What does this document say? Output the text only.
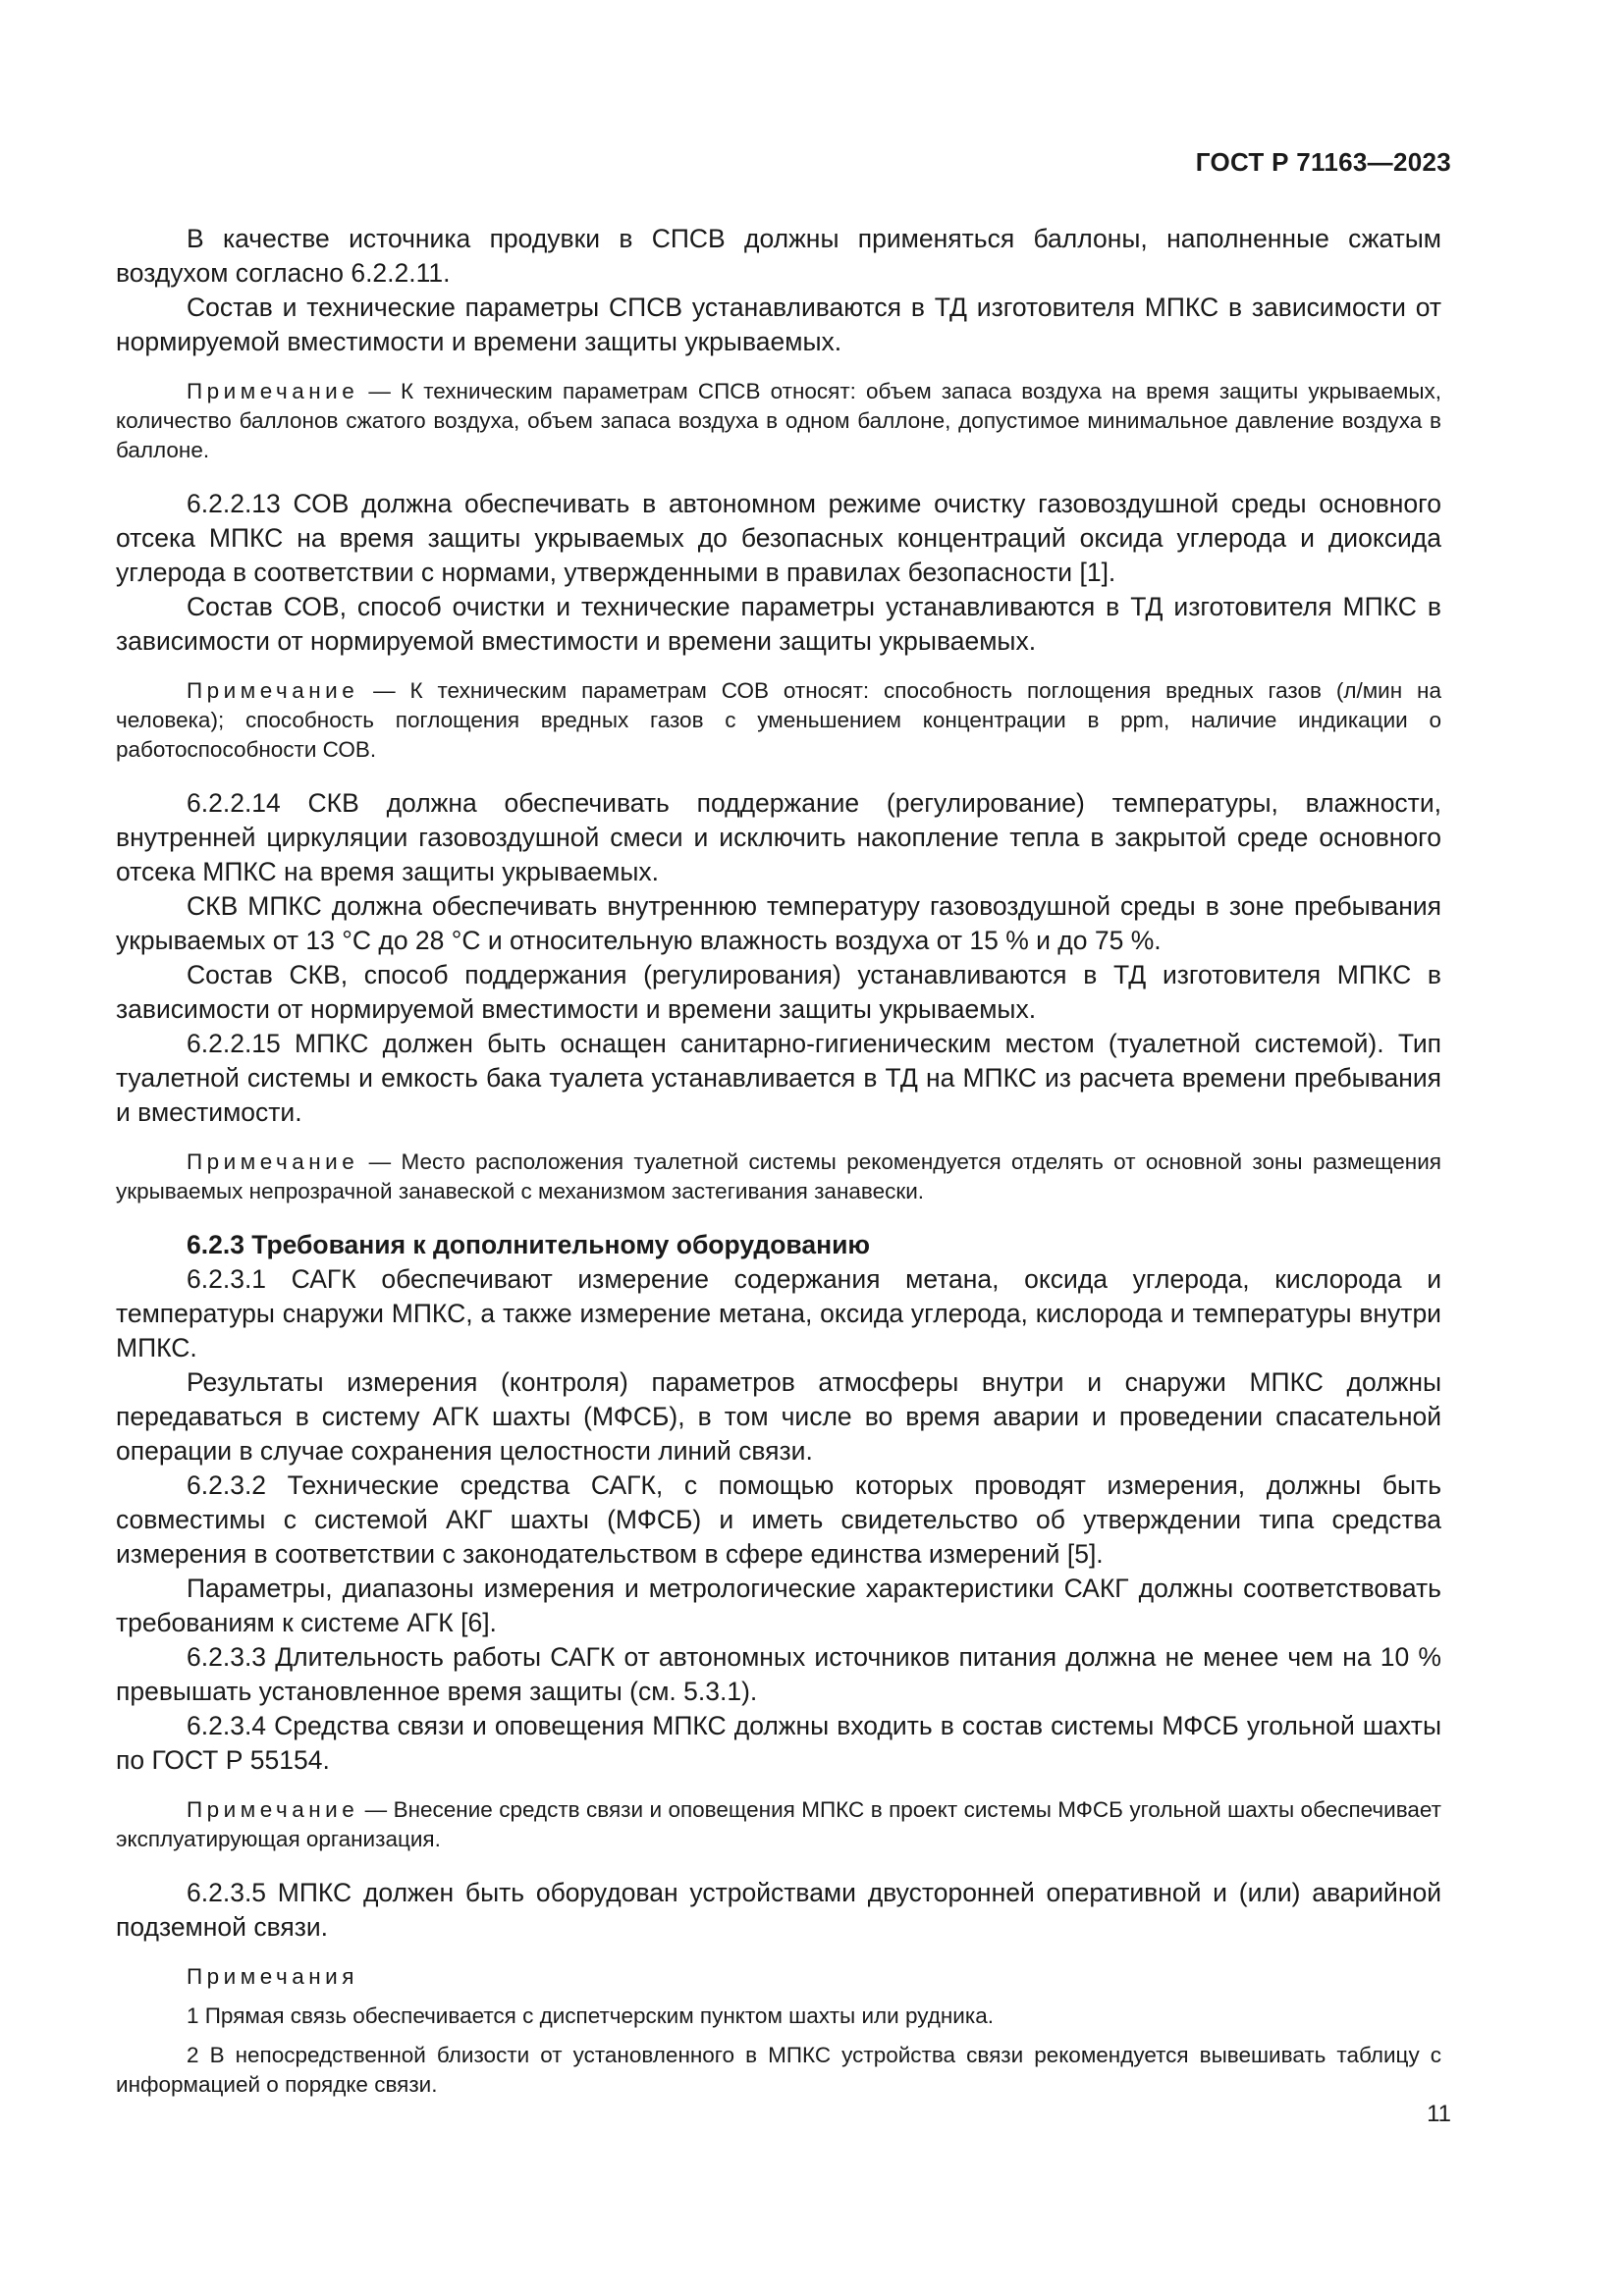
ГОСТ Р 71163—2023

В качестве источника продувки в СПСВ должны применяться баллоны, наполненные сжатым воздухом согласно 6.2.2.11.

Состав и технические параметры СПСВ устанавливаются в ТД изготовителя МПКС в зависимости от нормируемой вместимости и времени защиты укрываемых.

Примечание — К техническим параметрам СПСВ относят: объем запаса воздуха на время защиты укрываемых, количество баллонов сжатого воздуха, объем запаса воздуха в одном баллоне, допустимое минимальное давление воздуха в баллоне.

6.2.2.13 СОВ должна обеспечивать в автономном режиме очистку газовоздушной среды основного отсека МПКС на время защиты укрываемых до безопасных концентраций оксида углерода и диоксида углерода в соответствии с нормами, утвержденными в правилах безопасности [1].

Состав СОВ, способ очистки и технические параметры устанавливаются в ТД изготовителя МПКС в зависимости от нормируемой вместимости и времени защиты укрываемых.

Примечание — К техническим параметрам СОВ относят: способность поглощения вредных газов (л/мин на человека); способность поглощения вредных газов с уменьшением концентрации в ppm, наличие индикации о работоспособности СОВ.

6.2.2.14 СКВ должна обеспечивать поддержание (регулирование) температуры, влажности, внутренней циркуляции газовоздушной смеси и исключить накопление тепла в закрытой среде основного отсека МПКС на время защиты укрываемых.

СКВ МПКС должна обеспечивать внутреннюю температуру газовоздушной среды в зоне пребывания укрываемых от 13 °С до 28 °С и относительную влажность воздуха от 15 % и до 75 %.

Состав СКВ, способ поддержания (регулирования) устанавливаются в ТД изготовителя МПКС в зависимости от нормируемой вместимости и времени защиты укрываемых.

6.2.2.15 МПКС должен быть оснащен санитарно-гигиеническим местом (туалетной системой). Тип туалетной системы и емкость бака туалета устанавливается в ТД на МПКС из расчета времени пребывания и вместимости.

Примечание — Место расположения туалетной системы рекомендуется отделять от основной зоны размещения укрываемых непрозрачной занавеской с механизмом застегивания занавески.

6.2.3 Требования к дополнительному оборудованию

6.2.3.1 САГК обеспечивают измерение содержания метана, оксида углерода, кислорода и температуры снаружи МПКС, а также измерение метана, оксида углерода, кислорода и температуры внутри МПКС.

Результаты измерения (контроля) параметров атмосферы внутри и снаружи МПКС должны передаваться в систему АГК шахты (МФСБ), в том числе во время аварии и проведении спасательной операции в случае сохранения целостности линий связи.

6.2.3.2 Технические средства САГК, с помощью которых проводят измерения, должны быть совместимы с системой АКГ шахты (МФСБ) и иметь свидетельство об утверждении типа средства измерения в соответствии с законодательством в сфере единства измерений [5].

Параметры, диапазоны измерения и метрологические характеристики САКГ должны соответствовать требованиям к системе АГК [6].

6.2.3.3 Длительность работы САГК от автономных источников питания должна не менее чем на 10 % превышать установленное время защиты (см. 5.3.1).

6.2.3.4 Средства связи и оповещения МПКС должны входить в состав системы МФСБ угольной шахты по ГОСТ Р 55154.

Примечание — Внесение средств связи и оповещения МПКС в проект системы МФСБ угольной шахты обеспечивает эксплуатирующая организация.

6.2.3.5 МПКС должен быть оборудован устройствами двусторонней оперативной и (или) аварийной подземной связи.

Примечания

1 Прямая связь обеспечивается с диспетчерским пунктом шахты или рудника.

2 В непосредственной близости от установленного в МПКС устройства связи рекомендуется вывешивать таблицу с информацией о порядке связи.

11
